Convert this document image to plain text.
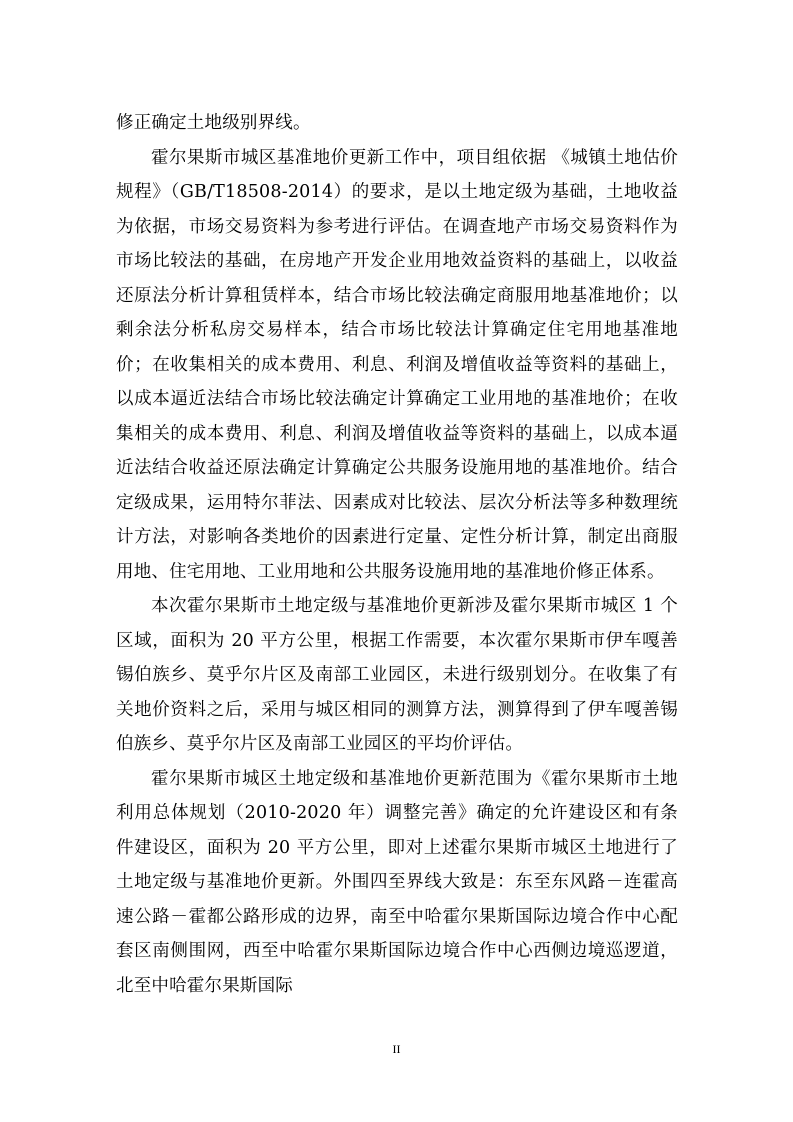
修正确定土地级别界线。

霍尔果斯市城区基准地价更新工作中，项目组依据 《城镇土地估价规程》（GB/T18508-2014）的要求，是以土地定级为基础，土地收益为依据，市场交易资料为参考进行评估。在调查地产市场交易资料作为市场比较法的基础，在房地产开发企业用地效益资料的基础上，以收益还原法分析计算租赁样本，结合市场比较法确定商服用地基准地价；以剩余法分析私房交易样本，结合市场比较法计算确定住宅用地基准地价；在收集相关的成本费用、利息、利润及增值收益等资料的基础上，以成本逼近法结合市场比较法确定计算确定工业用地的基准地价；在收集相关的成本费用、利息、利润及增值收益等资料的基础上，以成本逼近法结合收益还原法确定计算确定公共服务设施用地的基准地价。结合定级成果，运用特尔菲法、因素成对比较法、层次分析法等多种数理统计方法，对影响各类地价的因素进行定量、定性分析计算，制定出商服用地、住宅用地、工业用地和公共服务设施用地的基准地价修正体系。

本次霍尔果斯市土地定级与基准地价更新涉及霍尔果斯市城区 1 个区域，面积为 20 平方公里，根据工作需要，本次霍尔果斯市伊车嘎善锡伯族乡、莫乎尔片区及南部工业园区，未进行级别划分。在收集了有关地价资料之后，采用与城区相同的测算方法，测算得到了伊车嘎善锡伯族乡、莫乎尔片区及南部工业园区的平均价评估。

霍尔果斯市城区土地定级和基准地价更新范围为《霍尔果斯市土地利用总体规划（2010-2020 年）调整完善》确定的允许建设区和有条件建设区，面积为 20 平方公里，即对上述霍尔果斯市城区土地进行了土地定级与基准地价更新。外围四至界线大致是：东至东风路－连霍高速公路－霍都公路形成的边界，南至中哈霍尔果斯国际边境合作中心配套区南侧围网，西至中哈霍尔果斯国际边境合作中心西侧边境巡逻道，北至中哈霍尔果斯国际

II
